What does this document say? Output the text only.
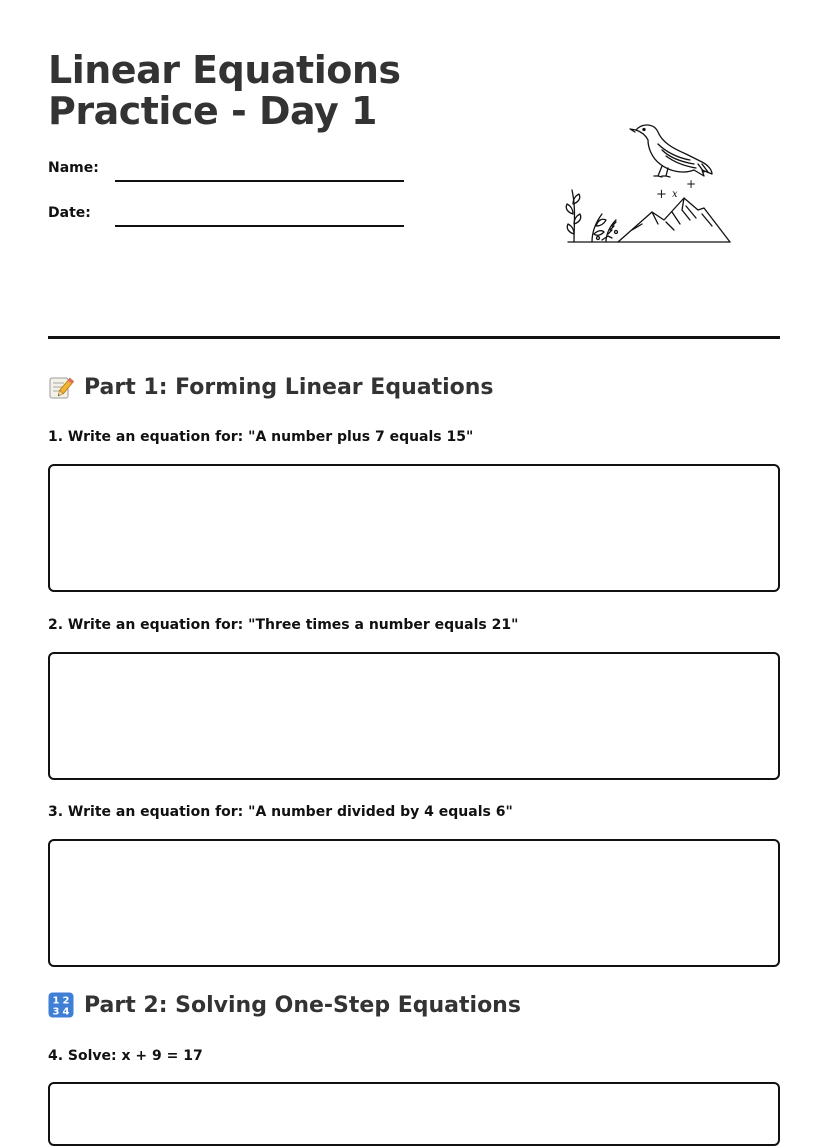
Linear Equations
Practice - Day 1
Name:
Date:
+ x
+
Part 1: Forming Linear Equations

1. Write an equation for: "A number plus 7 equals 15"

2. Write an equation for: "Three times a number equals 21"

3. Write an equation for: "A number divided by 4 equals 6"

1 2
3 4 Part 2: Solving One-Step Equations

4. Solve: x + 9 = 17
